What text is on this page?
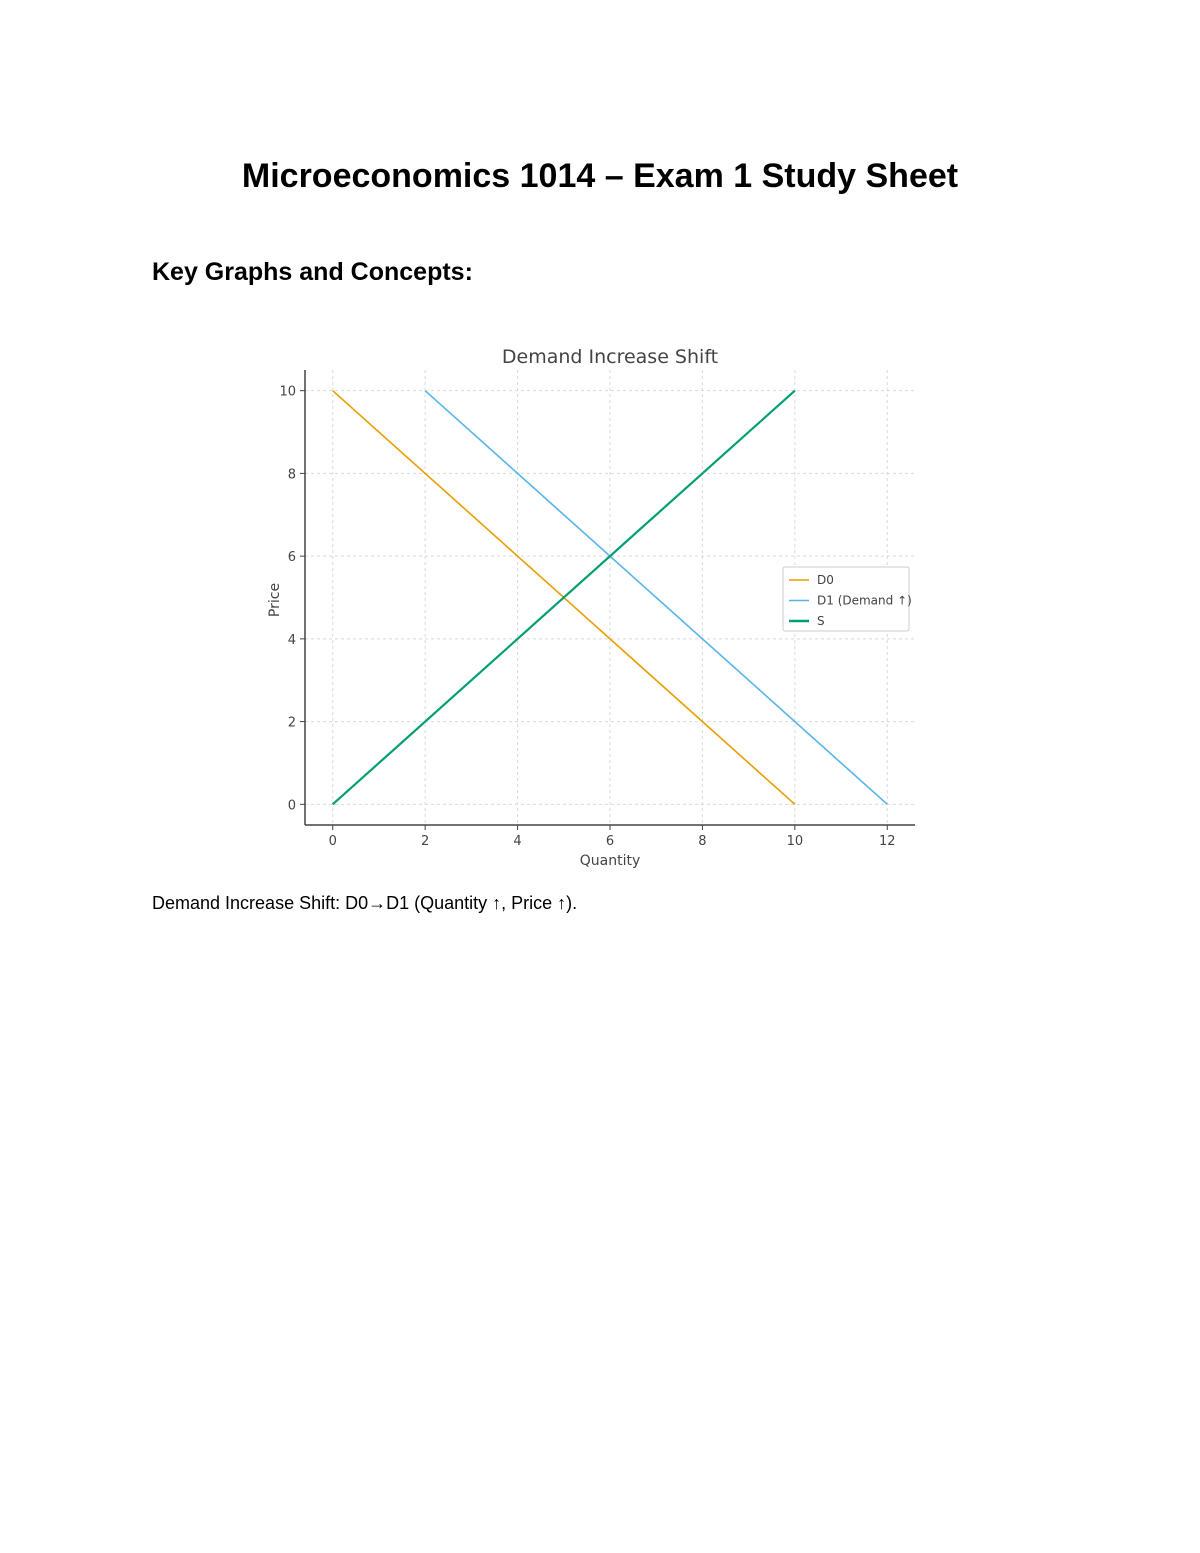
Microeconomics 1014 – Exam 1 Study Sheet
Key Graphs and Concepts:
Demand Increase Shift
0	2	4	6	8	10	12
0
2
4
6
8
10
Quantity
Price
D0
D1 (Demand ↑)
S

Demand Increase Shift: D0→D1 (Quantity ↑, Price ↑).
